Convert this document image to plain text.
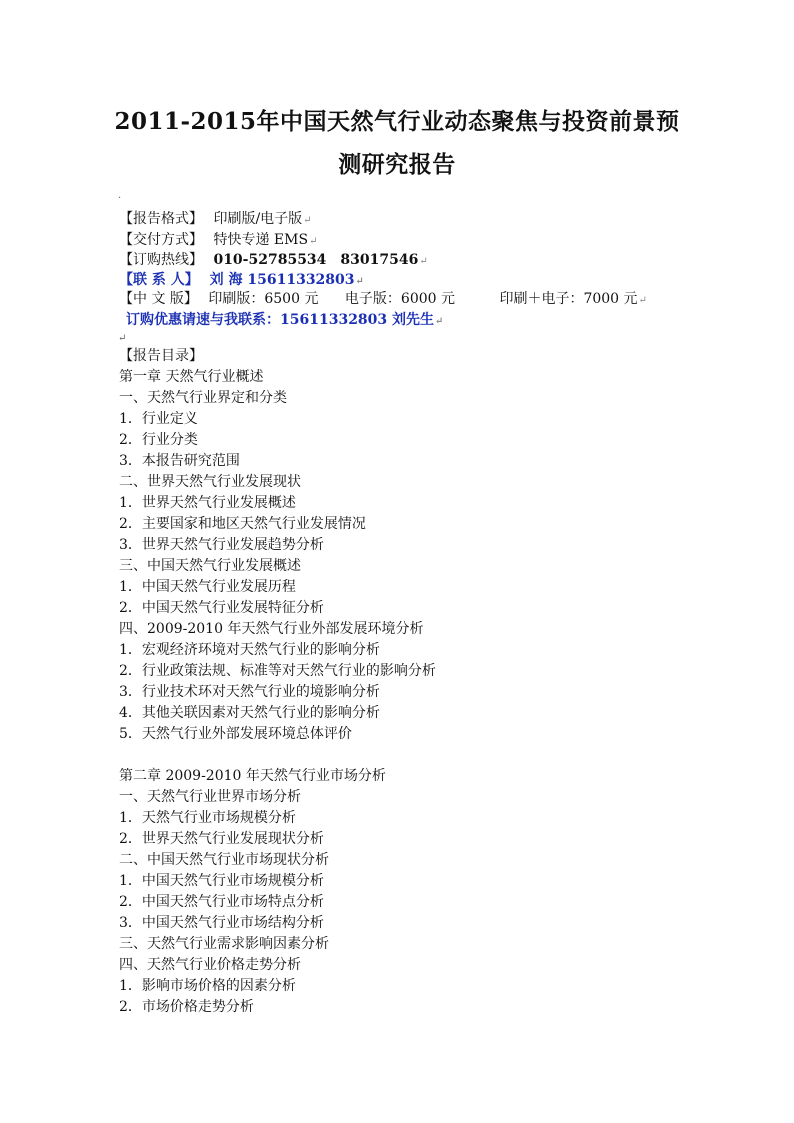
2011-2015年中国天然气行业动态聚焦与投资前景预
测研究报告
·
【报告格式】 印刷版/电子版↵
【交付方式】 特快专递 EMS↵
【订购热线】 010-52785534　83017546↵
【联 系 人】 刘 海 15611332803↵
【中 文 版】 印刷版：6500 元 电子版：6000 元	印刷＋电子：7000 元↵
订购优惠请速与我联系：15611332803 刘先生↵
↵
【报告目录】
第一章 天然气行业概述
一、天然气行业界定和分类
1．行业定义
2．行业分类
3．本报告研究范围
二、世界天然气行业发展现状
1．世界天然气行业发展概述
2．主要国家和地区天然气行业发展情况
3．世界天然气行业发展趋势分析
三、中国天然气行业发展概述
1．中国天然气行业发展历程
2．中国天然气行业发展特征分析
四、2009-2010 年天然气行业外部发展环境分析
1．宏观经济环境对天然气行业的影响分析
2．行业政策法规、标准等对天然气行业的影响分析
3．行业技术环对天然气行业的境影响分析
4．其他关联因素对天然气行业的影响分析
5．天然气行业外部发展环境总体评价
第二章 2009-2010 年天然气行业市场分析
一、天然气行业世界市场分析
1．天然气行业市场规模分析
2．世界天然气行业发展现状分析
二、中国天然气行业市场现状分析
1．中国天然气行业市场规模分析
2．中国天然气行业市场特点分析
3．中国天然气行业市场结构分析
三、天然气行业需求影响因素分析
四、天然气行业价格走势分析
1．影响市场价格的因素分析
2．市场价格走势分析
